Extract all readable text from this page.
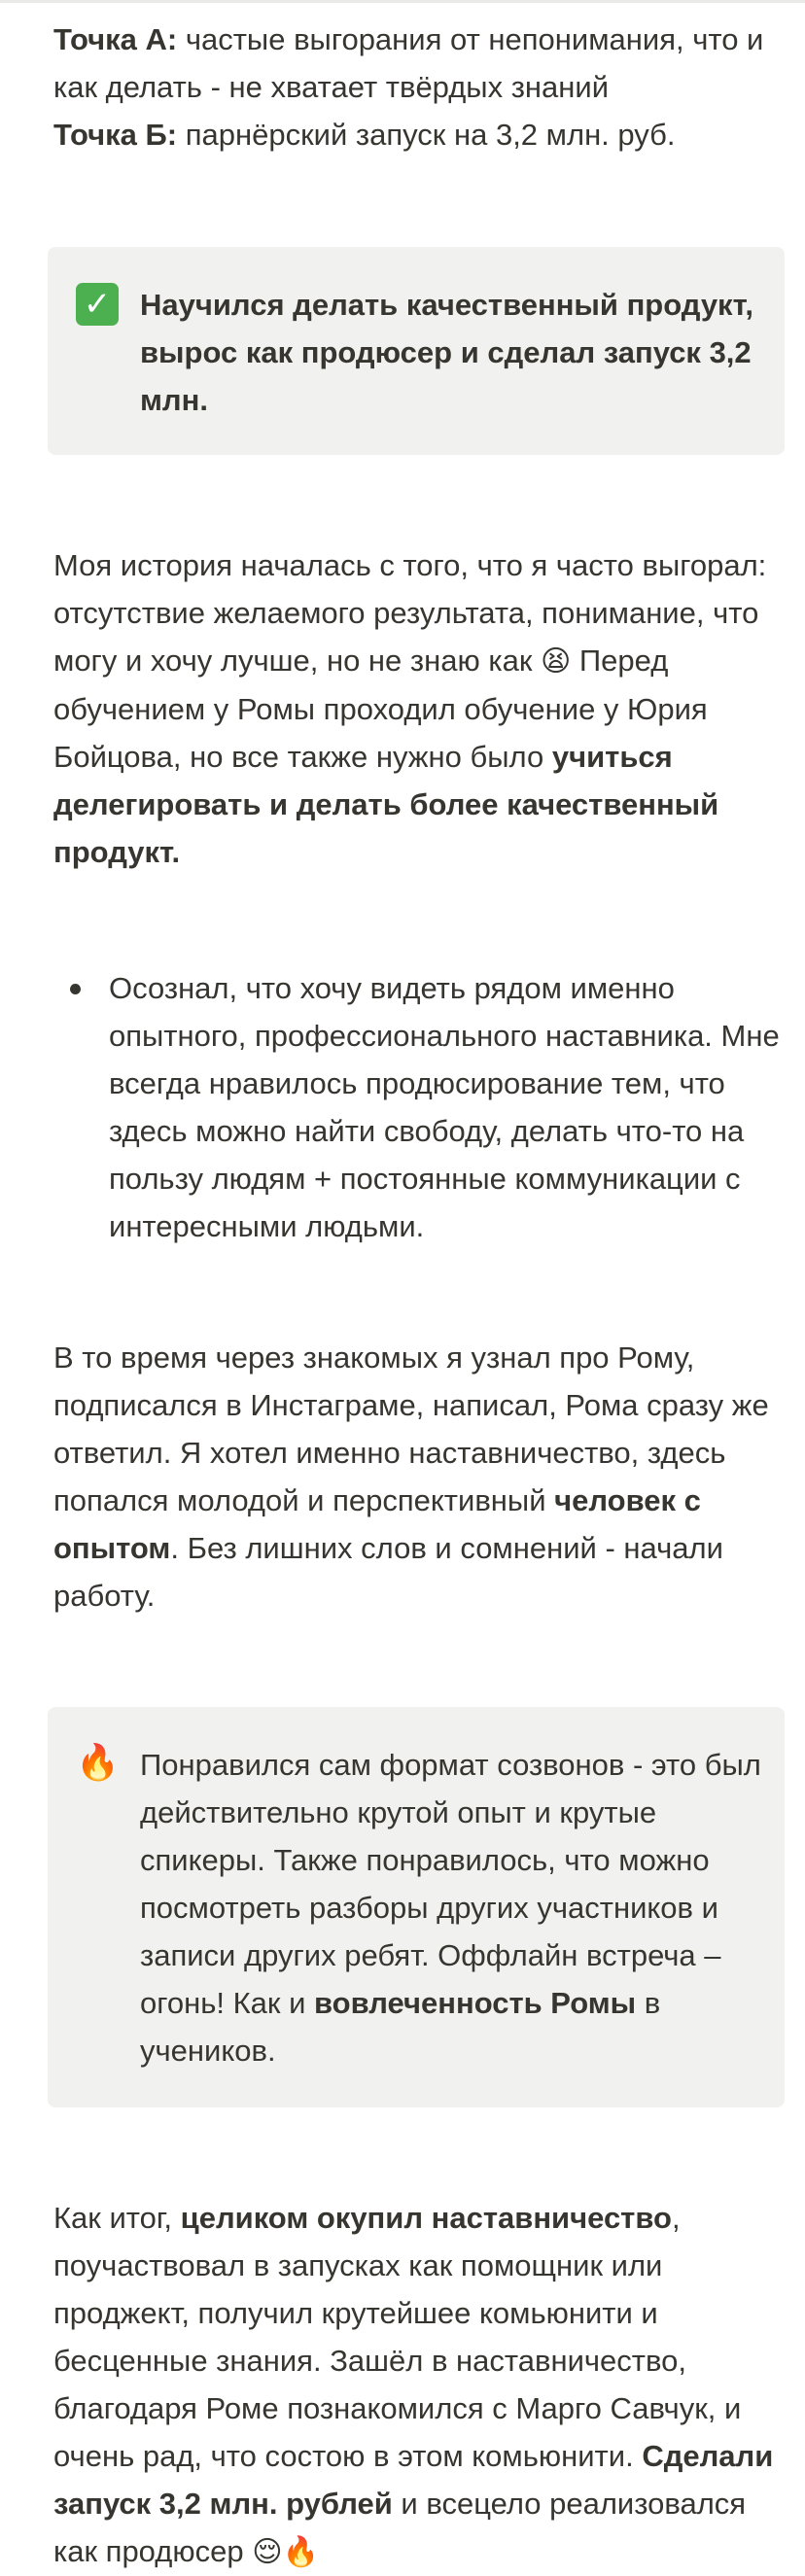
Точка А: частые выгорания от непонимания, что и как делать - не хватает твёрдых знаний
Точка Б: парнёрский запуск на 3,2 млн. руб.

✓ Научился делать качественный продукт, вырос как продюсер и сделал запуск 3,2 млн.

Моя история началась с того, что я часто выгорал: отсутствие желаемого результата, понимание, что могу и хочу лучше, но не знаю как 😫 Перед обучением у Ромы проходил обучение у Юрия Бойцова, но все также нужно было учиться делегировать и делать более качественный продукт.

Осознал, что хочу видеть рядом именно опытного, профессионального наставника. Мне всегда нравилось продюсирование тем, что здесь можно найти свободу, делать что-то на пользу людям + постоянные коммуникации с интересными людьми.

В то время через знакомых я узнал про Рому, подписался в Инстаграме, написал, Рома сразу же ответил. Я хотел именно наставничество, здесь попался молодой и перспективный человек с опытом. Без лишних слов и сомнений - начали работу.

🔥 Понравился сам формат созвонов - это был действительно крутой опыт и крутые спикеры. Также понравилось, что можно посмотреть разборы других участников и записи других ребят. Оффлайн встреча – огонь! Как и вовлеченность Ромы в учеников.

Как итог, целиком окупил наставничество, поучаствовал в запусках как помощник или проджект, получил крутейшее комьюнити и бесценные знания. Зашёл в наставничество, благодаря Роме познакомился с Марго Савчук, и очень рад, что состою в этом комьюнити. Сделали запуск 3,2 млн. рублей и всецело реализовался как продюсер 😌🔥
